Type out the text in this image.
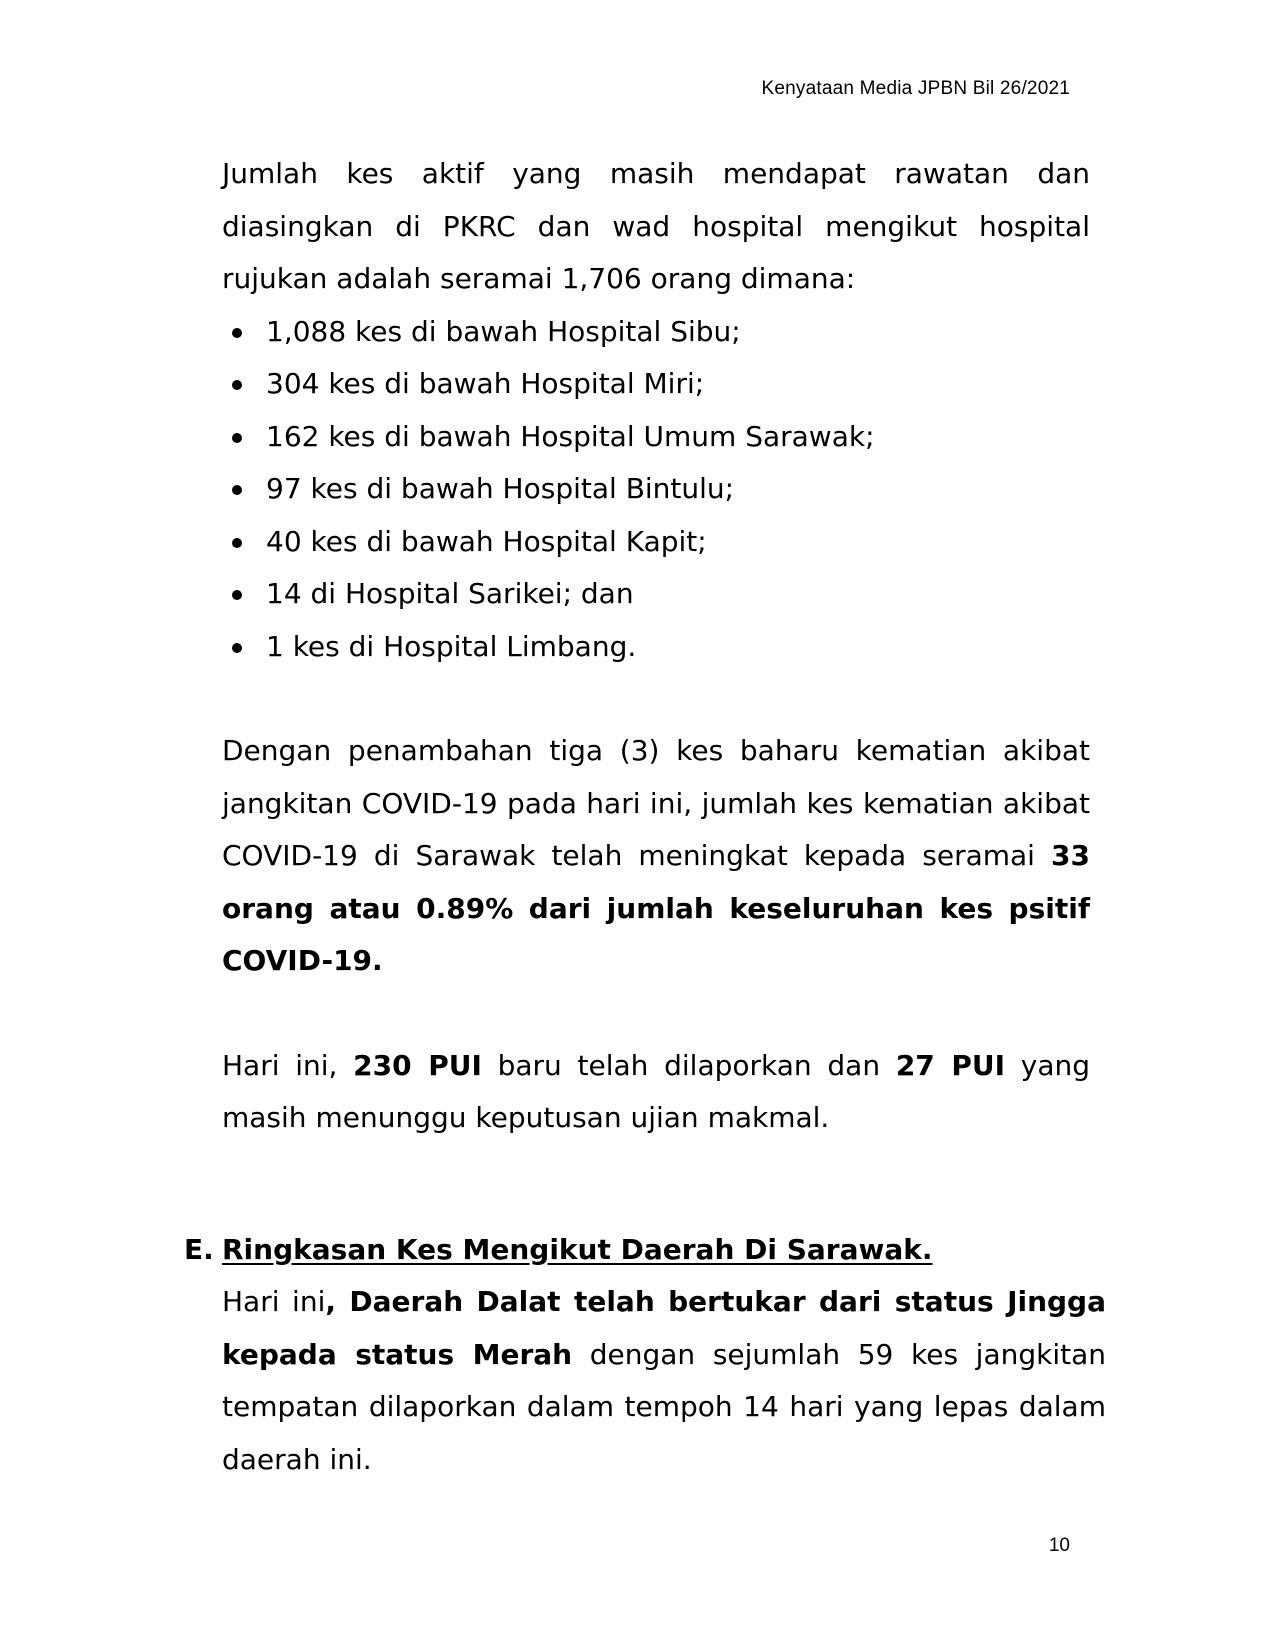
Kenyataan Media JPBN Bil 26/2021

Jumlah kes aktif yang masih mendapat rawatan dan diasingkan di PKRC dan wad hospital mengikut hospital rujukan adalah seramai 1,706 orang dimana:

1,088 kes di bawah Hospital Sibu;
304 kes di bawah Hospital Miri;
162 kes di bawah Hospital Umum Sarawak;
97 kes di bawah Hospital Bintulu;
40 kes di bawah Hospital Kapit;
14 di Hospital Sarikei; dan
1 kes di Hospital Limbang.

Dengan penambahan tiga (3) kes baharu kematian akibat jangkitan COVID-19 pada hari ini, jumlah kes kematian akibat COVID-19 di Sarawak telah meningkat kepada seramai 33 orang atau 0.89% dari jumlah keseluruhan kes psitif COVID-19.

Hari ini, 230 PUI baru telah dilaporkan dan 27 PUI yang masih menunggu keputusan ujian makmal.

E. Ringkasan Kes Mengikut Daerah Di Sarawak.

Hari ini, Daerah Dalat telah bertukar dari status Jingga kepada status Merah dengan sejumlah 59 kes jangkitan tempatan dilaporkan dalam tempoh 14 hari yang lepas dalam daerah ini.

10
